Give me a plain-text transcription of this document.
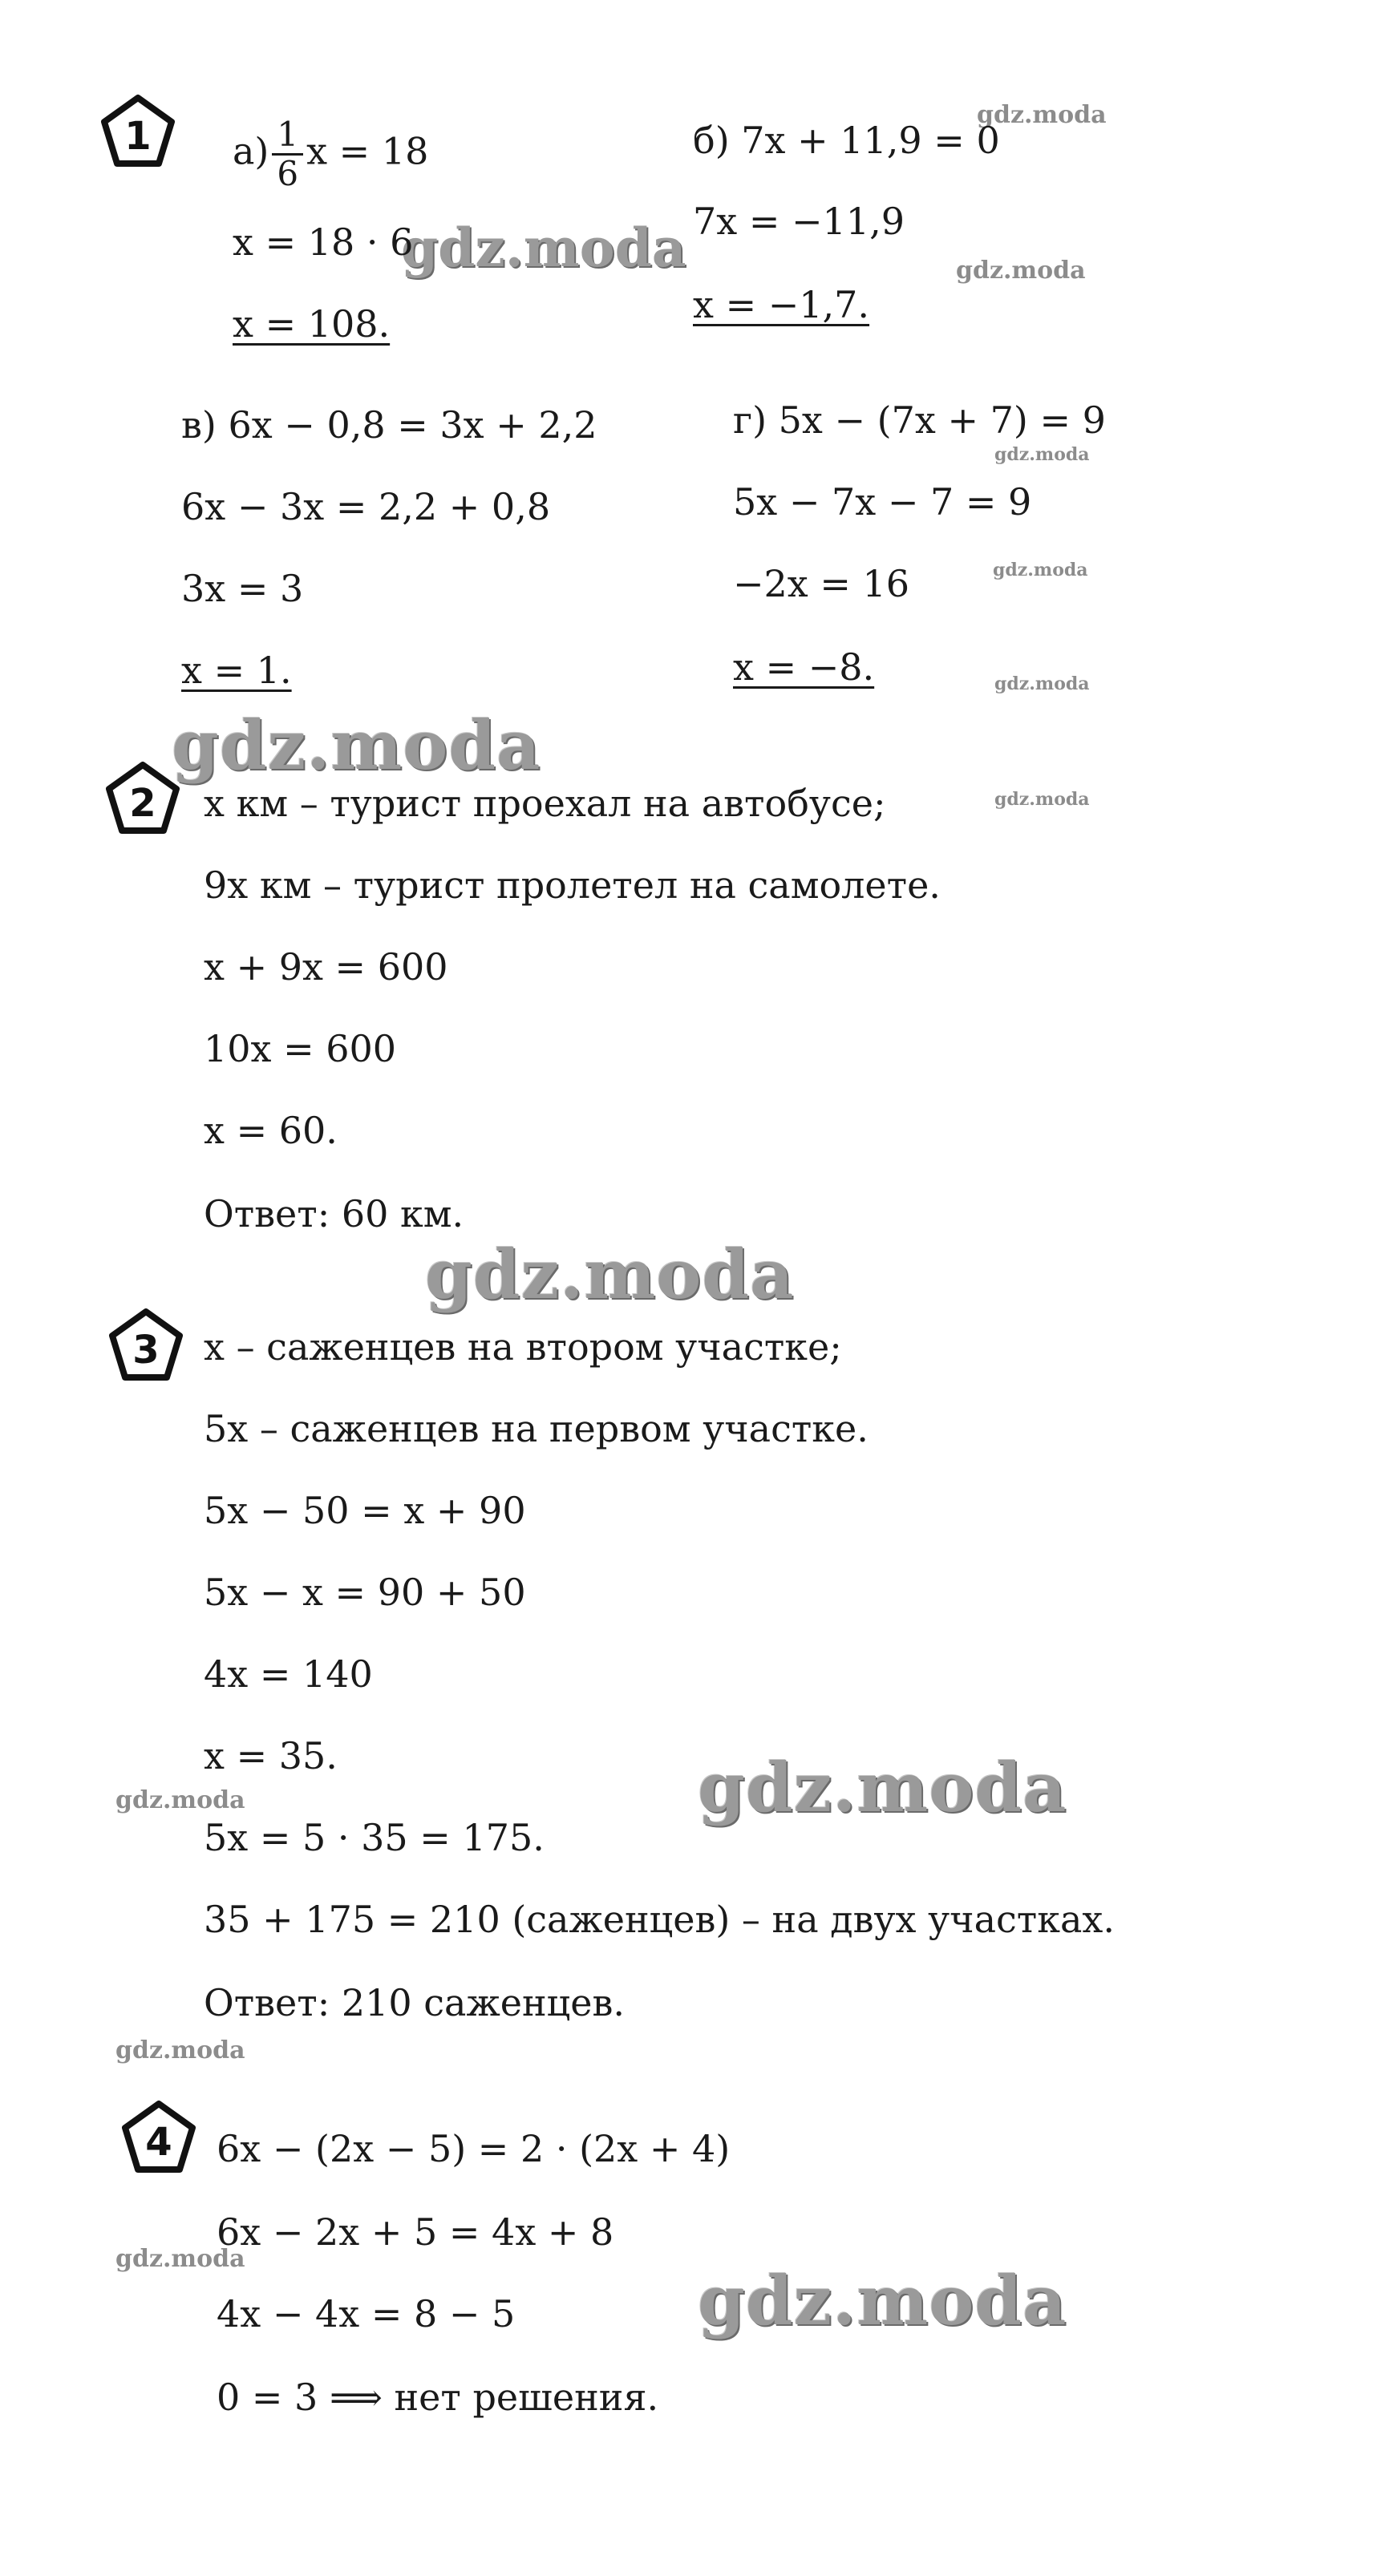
gdz.moda
gdz.moda	gdz.moda
gdz.moda
gdz.moda
gdz.moda
gdz.moda
gdz.moda
gdz.moda
gdz.moda
gdz.moda
gdz.moda
gdz.moda
gdz.moda
1 $а) \frac{1}{6}$ x = 18
x = 18 · 6
x = 108.
б) 7x + 11,9 = 0
7x = −11,9
x = −1,7.
в) 6x − 0,8 = 3x + 2,2
6x − 3x = 2,2 + 0,8
3x = 3
x = 1.
г) 5x − (7x + 7) = 9
5x − 7x − 7 = 9
−2x = 16
x = −8.
2 x км – турист проехал на автобусе;
9x км – турист пролетел на самолете.
x + 9x = 600
10x = 600
x = 60.
Ответ: 60 км.
3 x – саженцев на втором участке;
5x – саженцев на первом участке.
5x − 50 = x + 90
5x − x = 90 + 50
4x = 140
x = 35.
5x = 5 · 35 = 175.
35 + 175 = 210 (саженцев) – на двух участках.
Ответ: 210 саженцев.
4 6x − (2x − 5) = 2 · (2x + 4)
6x − 2x + 5 = 4x + 8
4x − 4x = 8 − 5
0 = 3 ⟹ нет решения.
